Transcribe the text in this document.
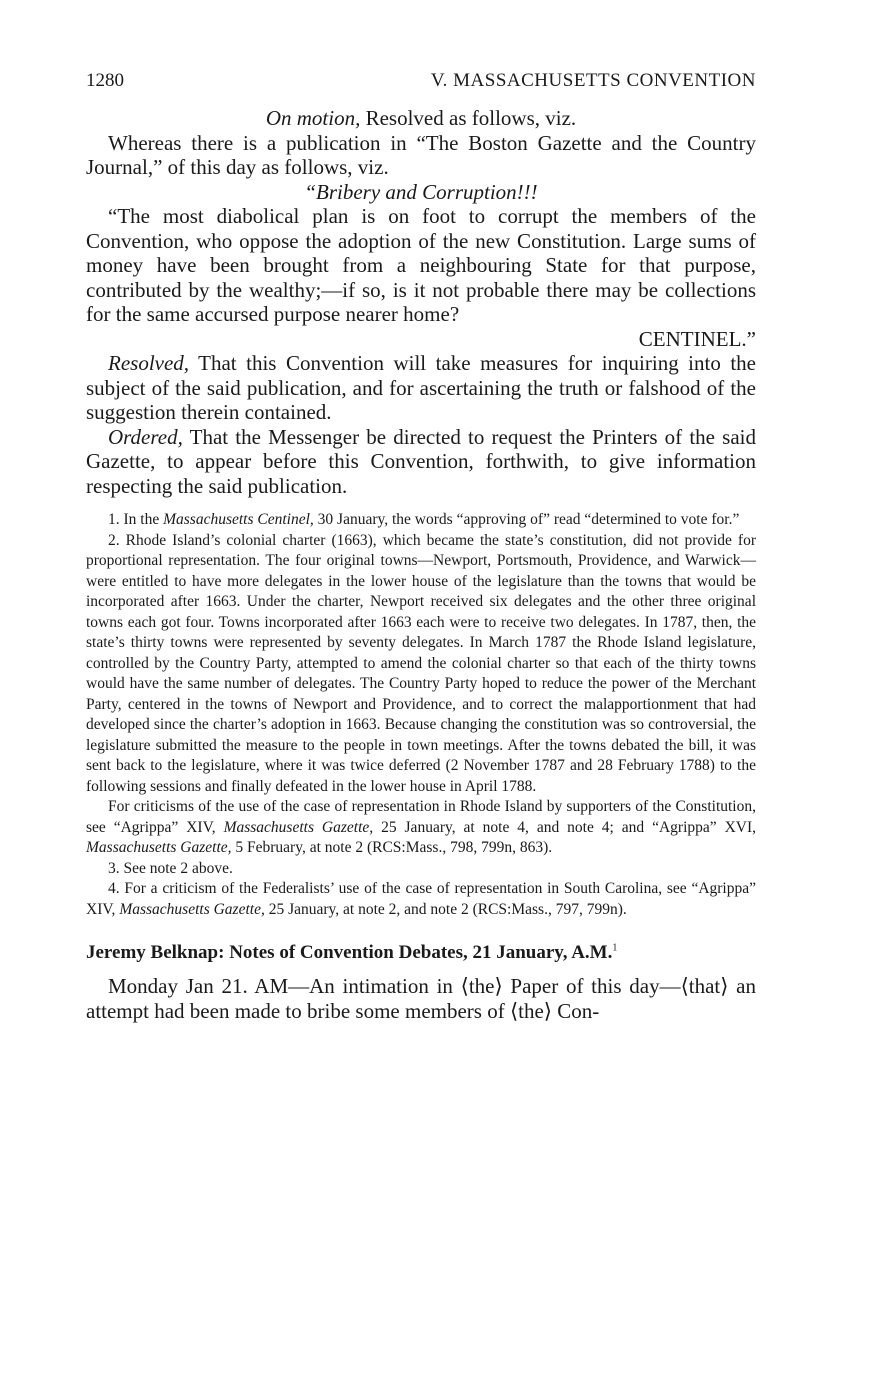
1280	V. MASSACHUSETTS CONVENTION

On motion, Resolved as follows, viz.

Whereas there is a publication in “The Boston Gazette and the Country Journal,” of this day as follows, viz.

“Bribery and Corruption!!!

“The most diabolical plan is on foot to corrupt the members of the Convention, who oppose the adoption of the new Constitution. Large sums of money have been brought from a neighbouring State for that purpose, contributed by the wealthy;—if so, is it not probable there may be collections for the same accursed purpose nearer home?

CENTINEL.”

Resolved, That this Convention will take measures for inquiring into the subject of the said publication, and for ascertaining the truth or falshood of the suggestion therein contained.

Ordered, That the Messenger be directed to request the Printers of the said Gazette, to appear before this Convention, forthwith, to give information respecting the said publication.

1. In the Massachusetts Centinel, 30 January, the words “approving of” read “determined to vote for.”

2. Rhode Island’s colonial charter (1663), which became the state’s constitution, did not provide for proportional representation. The four original towns—Newport, Portsmouth, Providence, and Warwick—were entitled to have more delegates in the lower house of the legislature than the towns that would be incorporated after 1663. Under the charter, Newport received six delegates and the other three original towns each got four. Towns incorporated after 1663 each were to receive two delegates. In 1787, then, the state’s thirty towns were represented by seventy delegates. In March 1787 the Rhode Island legislature, controlled by the Country Party, attempted to amend the colonial charter so that each of the thirty towns would have the same number of delegates. The Country Party hoped to reduce the power of the Merchant Party, centered in the towns of Newport and Providence, and to correct the malapportionment that had developed since the charter’s adoption in 1663. Because changing the constitution was so controversial, the legislature submitted the measure to the people in town meetings. After the towns debated the bill, it was sent back to the legislature, where it was twice deferred (2 November 1787 and 28 February 1788) to the following sessions and finally defeated in the lower house in April 1788.

For criticisms of the use of the case of representation in Rhode Island by supporters of the Constitution, see “Agrippa” XIV, Massachusetts Gazette, 25 January, at note 4, and note 4; and “Agrippa” XVI, Massachusetts Gazette, 5 February, at note 2 (RCS:Mass., 798, 799n, 863).

3. See note 2 above.

4. For a criticism of the Federalists’ use of the case of representation in South Carolina, see “Agrippa” XIV, Massachusetts Gazette, 25 January, at note 2, and note 2 (RCS:Mass., 797, 799n).

Jeremy Belknap: Notes of Convention Debates, 21 January, A.M.$^1$

Monday Jan 21. AM—An intimation in ⟨the⟩ Paper of this day—⟨that⟩ an attempt had been made to bribe some members of ⟨the⟩ Con-
